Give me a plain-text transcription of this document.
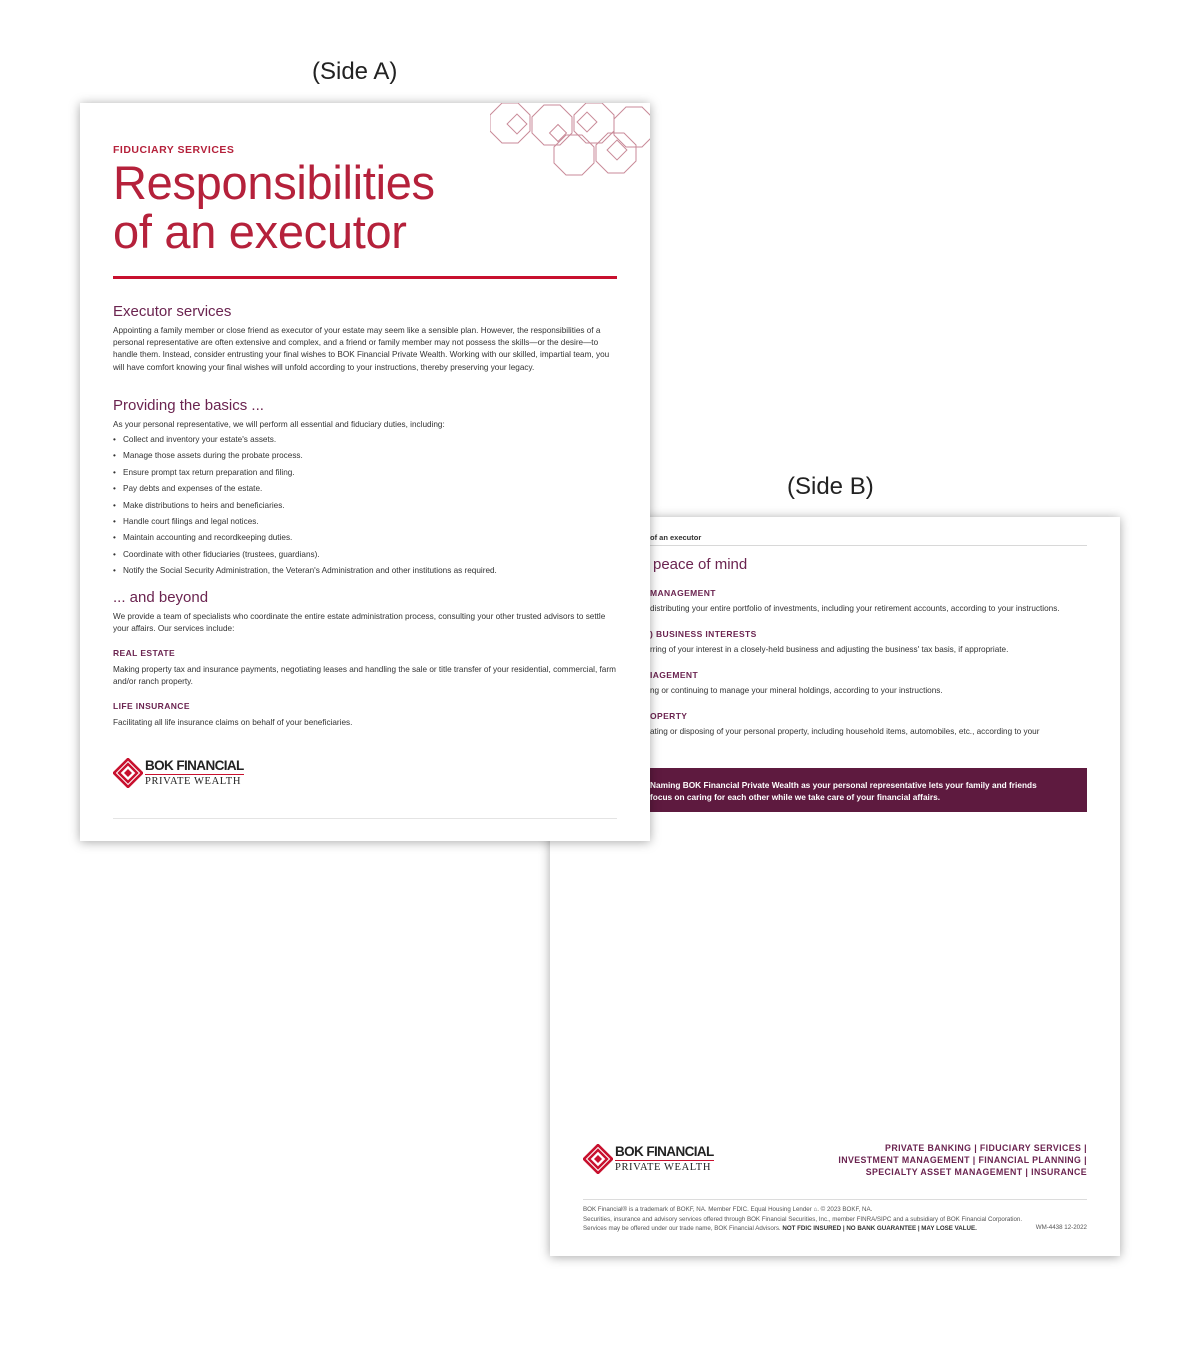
(Side A)

(Side B)

of an executor

peace of mind

MANAGEMENT

distributing your entire portfolio of investments, including your retirement accounts, according to your instructions.

) BUSINESS INTERESTS

rring of your interest in a closely-held business and adjusting the business' tax basis, if appropriate.

IAGEMENT

ng or continuing to manage your mineral holdings, according to your instructions.

OPERTY

ating or disposing of your personal property, including household items, automobiles, etc., according to your

Naming BOK Financial Private Wealth as your personal representative lets your family and friends
focus on caring for each other while we take care of your financial affairs.

BOK FINANCIAL
PRIVATE WEALTH

PRIVATE BANKING | FIDUCIARY SERVICES |
INVESTMENT MANAGEMENT | FINANCIAL PLANNING |
SPECIALTY ASSET MANAGEMENT | INSURANCE

BOK Financial® is a trademark of BOKF, NA. Member FDIC. Equal Housing Lender ⌂. © 2023 BOKF, NA.
Securities, insurance and advisory services offered through BOK Financial Securities, Inc., member FINRA/SIPC and a subsidiary of BOK Financial Corporation.
Services may be offered under our trade name, BOK Financial Advisors. NOT FDIC INSURED | NO BANK GUARANTEE | MAY LOSE VALUE.	WM-4438 12-2022

FIDUCIARY SERVICES

Responsibilities
of an executor
Executor services

Appointing a family member or close friend as executor of your estate may seem like a sensible plan. However, the responsibilities of a personal representative are often extensive and complex, and a friend or family member may not possess the skills—or the desire—to handle them. Instead, consider entrusting your final wishes to BOK Financial Private Wealth. Working with our skilled, impartial team, you will have comfort knowing your final wishes will unfold according to your instructions, thereby preserving your legacy.

Providing the basics ...

As your personal representative, we will perform all essential and fiduciary duties, including:

• Collect and inventory your estate's assets.
• Manage those assets during the probate process.
• Ensure prompt tax return preparation and filing.
• Pay debts and expenses of the estate.
• Make distributions to heirs and beneficiaries.
• Handle court filings and legal notices.
• Maintain accounting and recordkeeping duties.
• Coordinate with other fiduciaries (trustees, guardians).
• Notify the Social Security Administration, the Veteran's Administration and other institutions as required.
... and beyond

We provide a team of specialists who coordinate the entire estate administration process, consulting your other trusted advisors to settle your affairs. Our services include:

REAL ESTATE

Making property tax and insurance payments, negotiating leases and handling the sale or title transfer of your residential, commercial, farm and/or ranch property.

LIFE INSURANCE

Facilitating all life insurance claims on behalf of your beneficiaries.

BOK FINANCIAL
PRIVATE WEALTH
